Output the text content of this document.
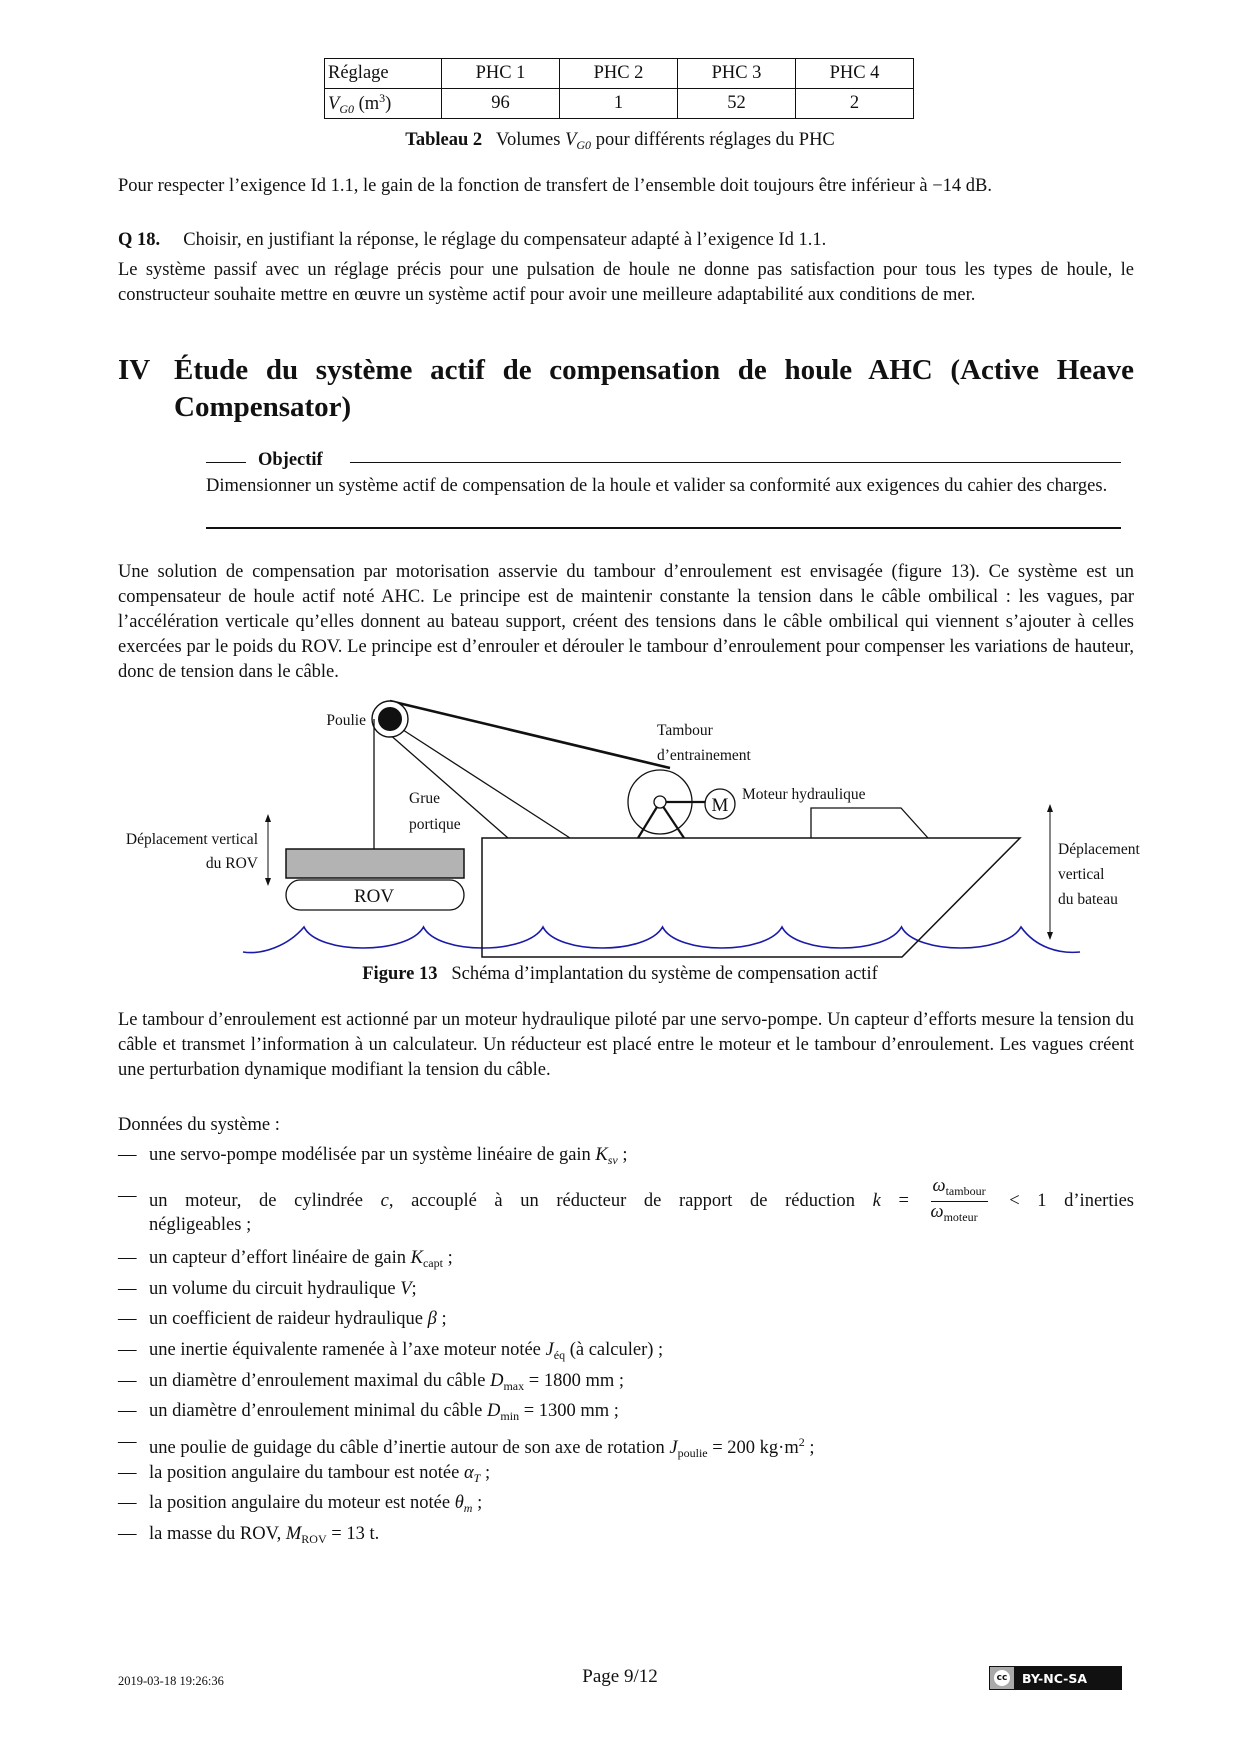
Réglage	PHC 1	PHC 2	PHC 3	PHC 4
$V_{G0}$ $(m^3)$	96	1	52	2
Tableau 2 Volumes $V_{G0}$ pour différents réglages du PHC
Pour respecter l’exigence Id 1.1, le gain de la fonction de transfert de l’ensemble doit toujours être inférieur à −14 dB.
Q 18. Choisir, en justifiant la réponse, le réglage du compensateur adapté à l’exigence Id 1.1.
Le système passif avec un réglage précis pour une pulsation de houle ne donne pas satisfaction pour tous les types de houle, le constructeur souhaite mettre en œuvre un système actif pour avoir une meilleure adaptabilité aux conditions de mer.
IV Étude du système actif de compensation de houle AHC (Active Heave Compensator)
Objectif
Dimensionner un système actif de compensation de la houle et valider sa conformité aux exigences du cahier des charges.
Une solution de compensation par motorisation asservie du tambour d’enroulement est envisagée (figure 13). Ce système est un compensateur de houle actif noté AHC. Le principe est de maintenir constante la tension dans le câble ombilical : les vagues, par l’accélération verticale qu’elles donnent au bateau support, créent des tensions dans le câble ombilical qui viennent s’ajouter à celles exercées par le poids du ROV. Le principe est d’enrouler et dérouler le tambour d’enroulement pour compenser les variations de hauteur, donc de tension dans le câble.
ROV
Déplacement vertical
du ROV
M
Poulie
Tambour
d’entrainement
Moteur hydraulique
Grue
portique
Déplacement
vertical
du bateau
Figure 13 Schéma d’implantation du système de compensation actif
Le tambour d’enroulement est actionné par un moteur hydraulique piloté par une servo-pompe. Un capteur d’efforts mesure la tension du câble et transmet l’information à un calculateur. Un réducteur est placé entre le moteur et le tambour d’enroulement. Les vagues créent une perturbation dynamique modifiant la tension du câble.
Données du système :
— une servo-pompe modélisée par un système linéaire de gain $K_{sv}$ ;
— un moteur, de cylindrée c, accouplé à un réducteur de rapport de réduction $k = \frac{\omega_{tambour}}{\omega_{moteur}} < 1$ d’inerties
négligeables ;
— un capteur d’effort linéaire de gain $K_{capt}$ ;
— un volume du circuit hydraulique V;
— un coefficient de raideur hydraulique β ;
— une inertie équivalente ramenée à l’axe moteur notée $J_{éq}$ (à calculer) ;
— un diamètre d’enroulement maximal du câble $D_{max} = 1800$ mm ;
— un diamètre d’enroulement minimal du câble $D_{min} = 1300$ mm ;
— une poulie de guidage du câble d’inertie autour de son axe de rotation $J_{poulie} = 200$ $kg\cdot m^2$ ;
— la position angulaire du tambour est notée $\alpha_T$ ;
— la position angulaire du moteur est notée $\theta_m$ ;
— la masse du ROV, $M_{ROV} = 13$ t.
2019-03-18 19:26:36	Page 9/12	cc BY-NC-SA
